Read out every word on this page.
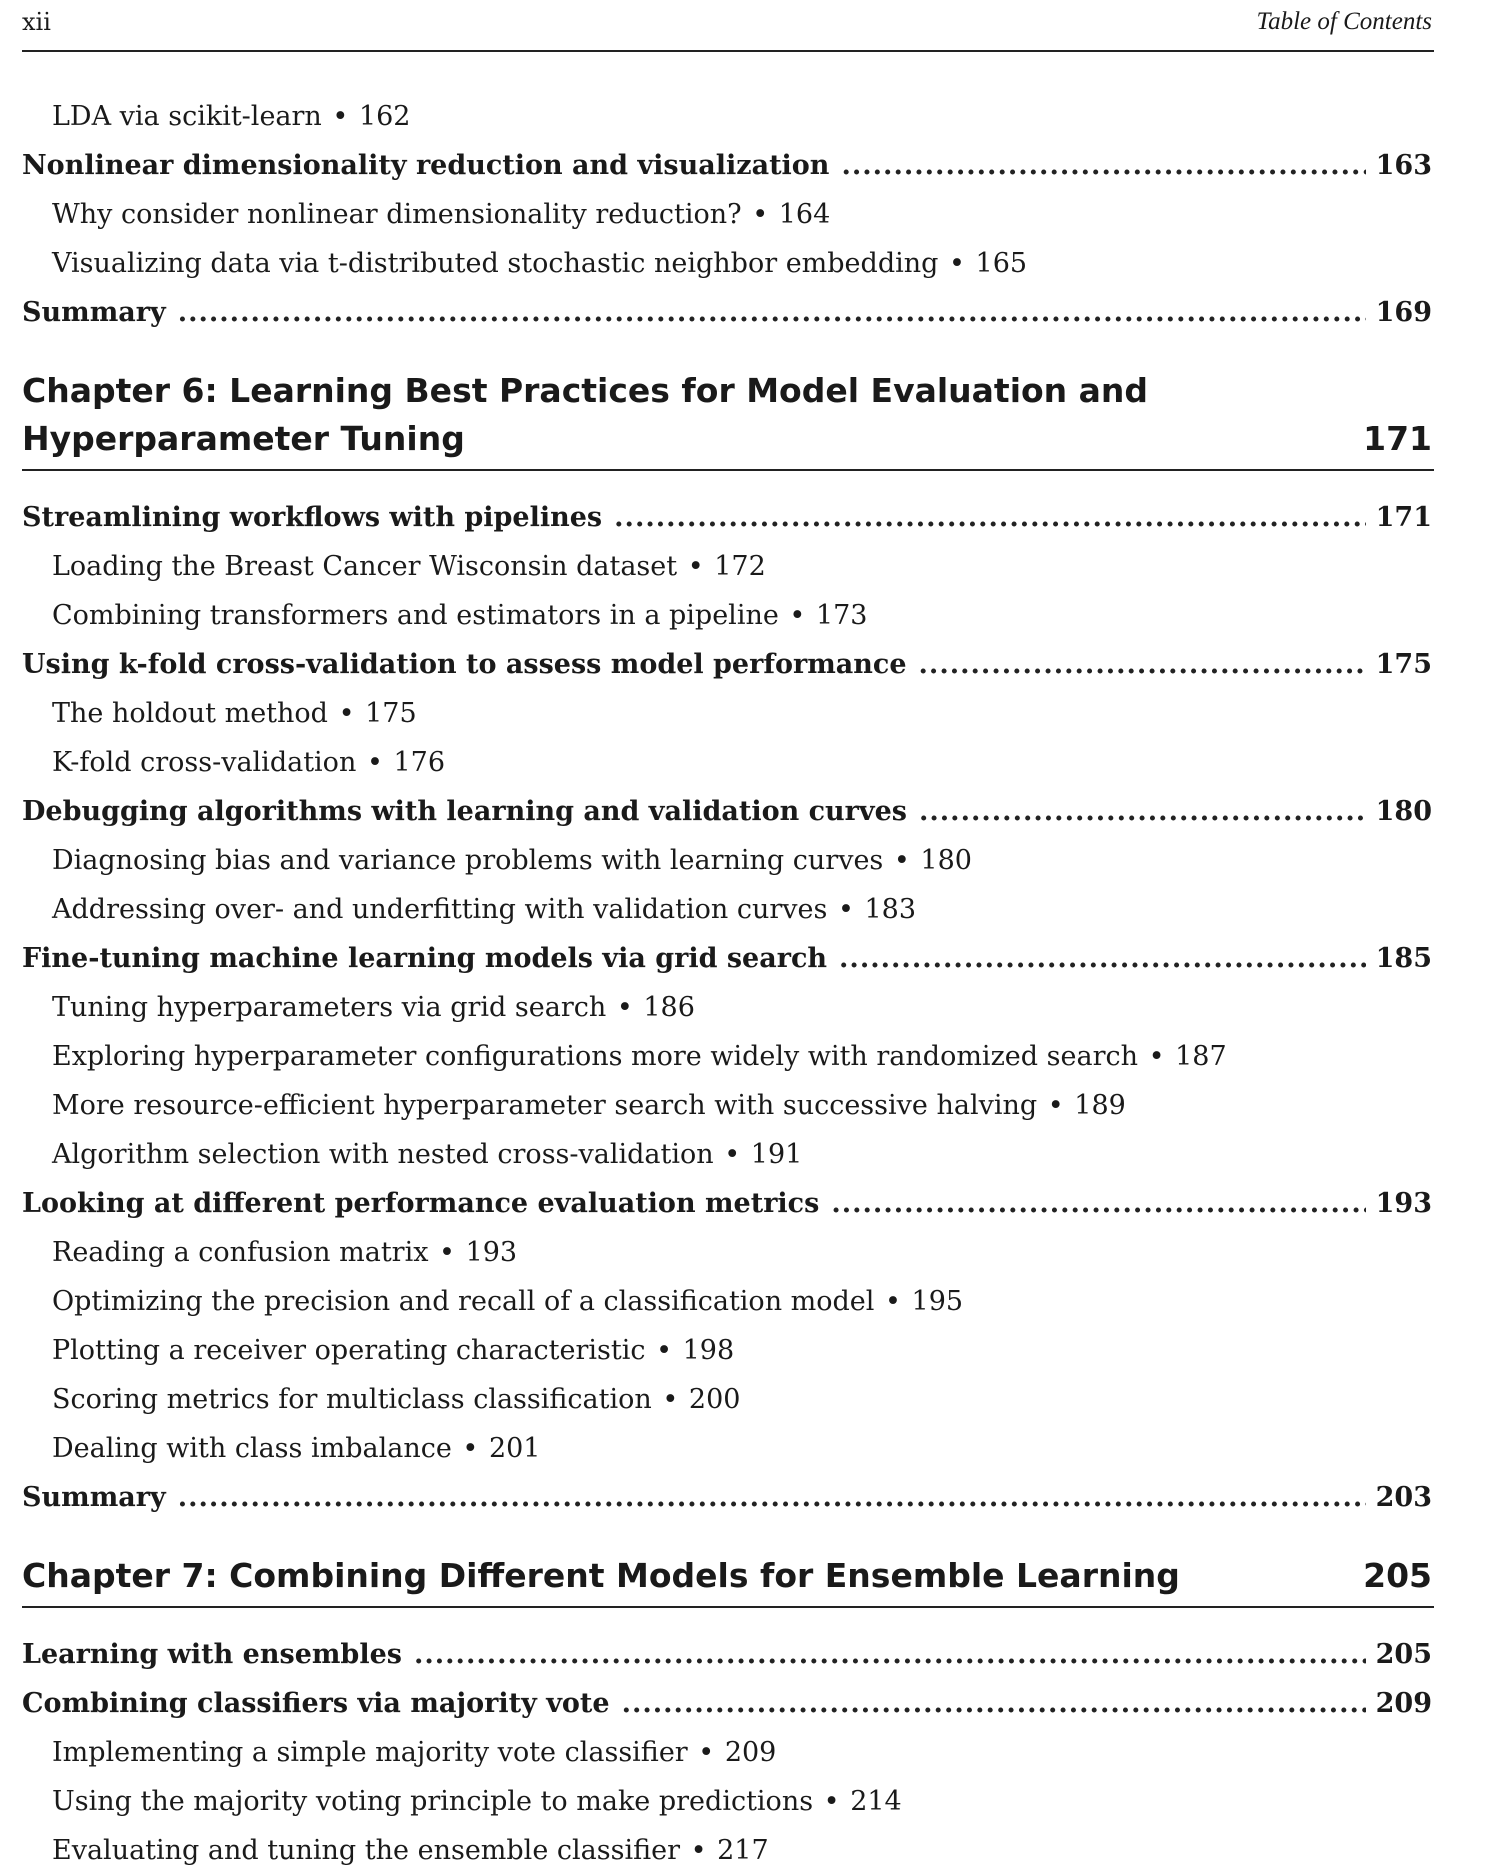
xii	Table of Contents
LDA via scikit-learn • 162
Nonlinear dimensionality reduction and visualization .....	163
Why consider nonlinear dimensionality reduction? • 164
Visualizing data via t-distributed stochastic neighbor embedding • 165
Summary .....	169
Chapter 6: Learning Best Practices for Model Evaluation and
Hyperparameter Tuning	171
Streamlining workflows with pipelines .....	171
Loading the Breast Cancer Wisconsin dataset • 172
Combining transformers and estimators in a pipeline • 173
Using k-fold cross-validation to assess model performance .....	175
The holdout method • 175
K-fold cross-validation • 176
Debugging algorithms with learning and validation curves .....	180
Diagnosing bias and variance problems with learning curves • 180
Addressing over- and underfitting with validation curves • 183
Fine-tuning machine learning models via grid search .....	185
Tuning hyperparameters via grid search • 186
Exploring hyperparameter configurations more widely with randomized search • 187
More resource-efficient hyperparameter search with successive halving • 189
Algorithm selection with nested cross-validation • 191
Looking at different performance evaluation metrics .....	193
Reading a confusion matrix • 193
Optimizing the precision and recall of a classification model • 195
Plotting a receiver operating characteristic • 198
Scoring metrics for multiclass classification • 200
Dealing with class imbalance • 201
Summary .....	203
Chapter 7: Combining Different Models for Ensemble Learning	205
Learning with ensembles .....	205
Combining classifiers via majority vote .....	209
Implementing a simple majority vote classifier • 209
Using the majority voting principle to make predictions • 214
Evaluating and tuning the ensemble classifier • 217
